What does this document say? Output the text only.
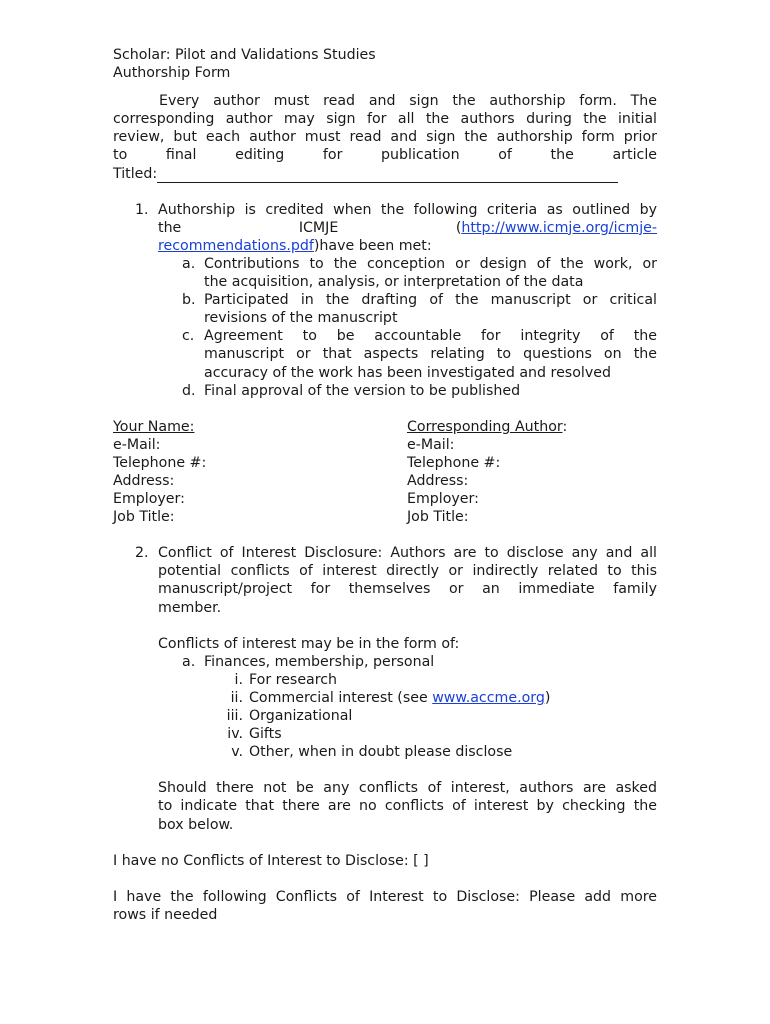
Scholar: Pilot and Validations Studies
Authorship Form
Every author must read and sign the authorship form. The
corresponding author may sign for all the authors during the initial
review, but each author must read and sign the authorship form prior
to final editing for publication of the article
Titled:
1. Authorship is credited when the following criteria as outlined by
the	ICMJE	(http://www.icmje.org/icmje-
recommendations.pdf)have been met:
a. Contributions to the conception or design of the work, or
the acquisition, analysis, or interpretation of the data
b. Participated in the drafting of the manuscript or critical
revisions of the manuscript
c. Agreement to be accountable for integrity of the
manuscript or that aspects relating to questions on the
accuracy of the work has been investigated and resolved
d. Final approval of the version to be published
Your Name:
e-Mail:
Telephone #:
Address:
Employer:
Job Title:
Corresponding Author:
e-Mail:
Telephone #:
Address:
Employer:
Job Title:
2. Conflict of Interest Disclosure: Authors are to disclose any and all
potential conflicts of interest directly or indirectly related to this
manuscript/project for themselves or an immediate family
member.
Conflicts of interest may be in the form of:
a. Finances, membership, personal
i. For research
ii. Commercial interest (see www.accme.org)
iii. Organizational
iv. Gifts
v. Other, when in doubt please disclose
Should there not be any conflicts of interest, authors are asked
to indicate that there are no conflicts of interest by checking the
box below.
I have no Conflicts of Interest to Disclose: [ ]
I have the following Conflicts of Interest to Disclose: Please add more
rows if needed
